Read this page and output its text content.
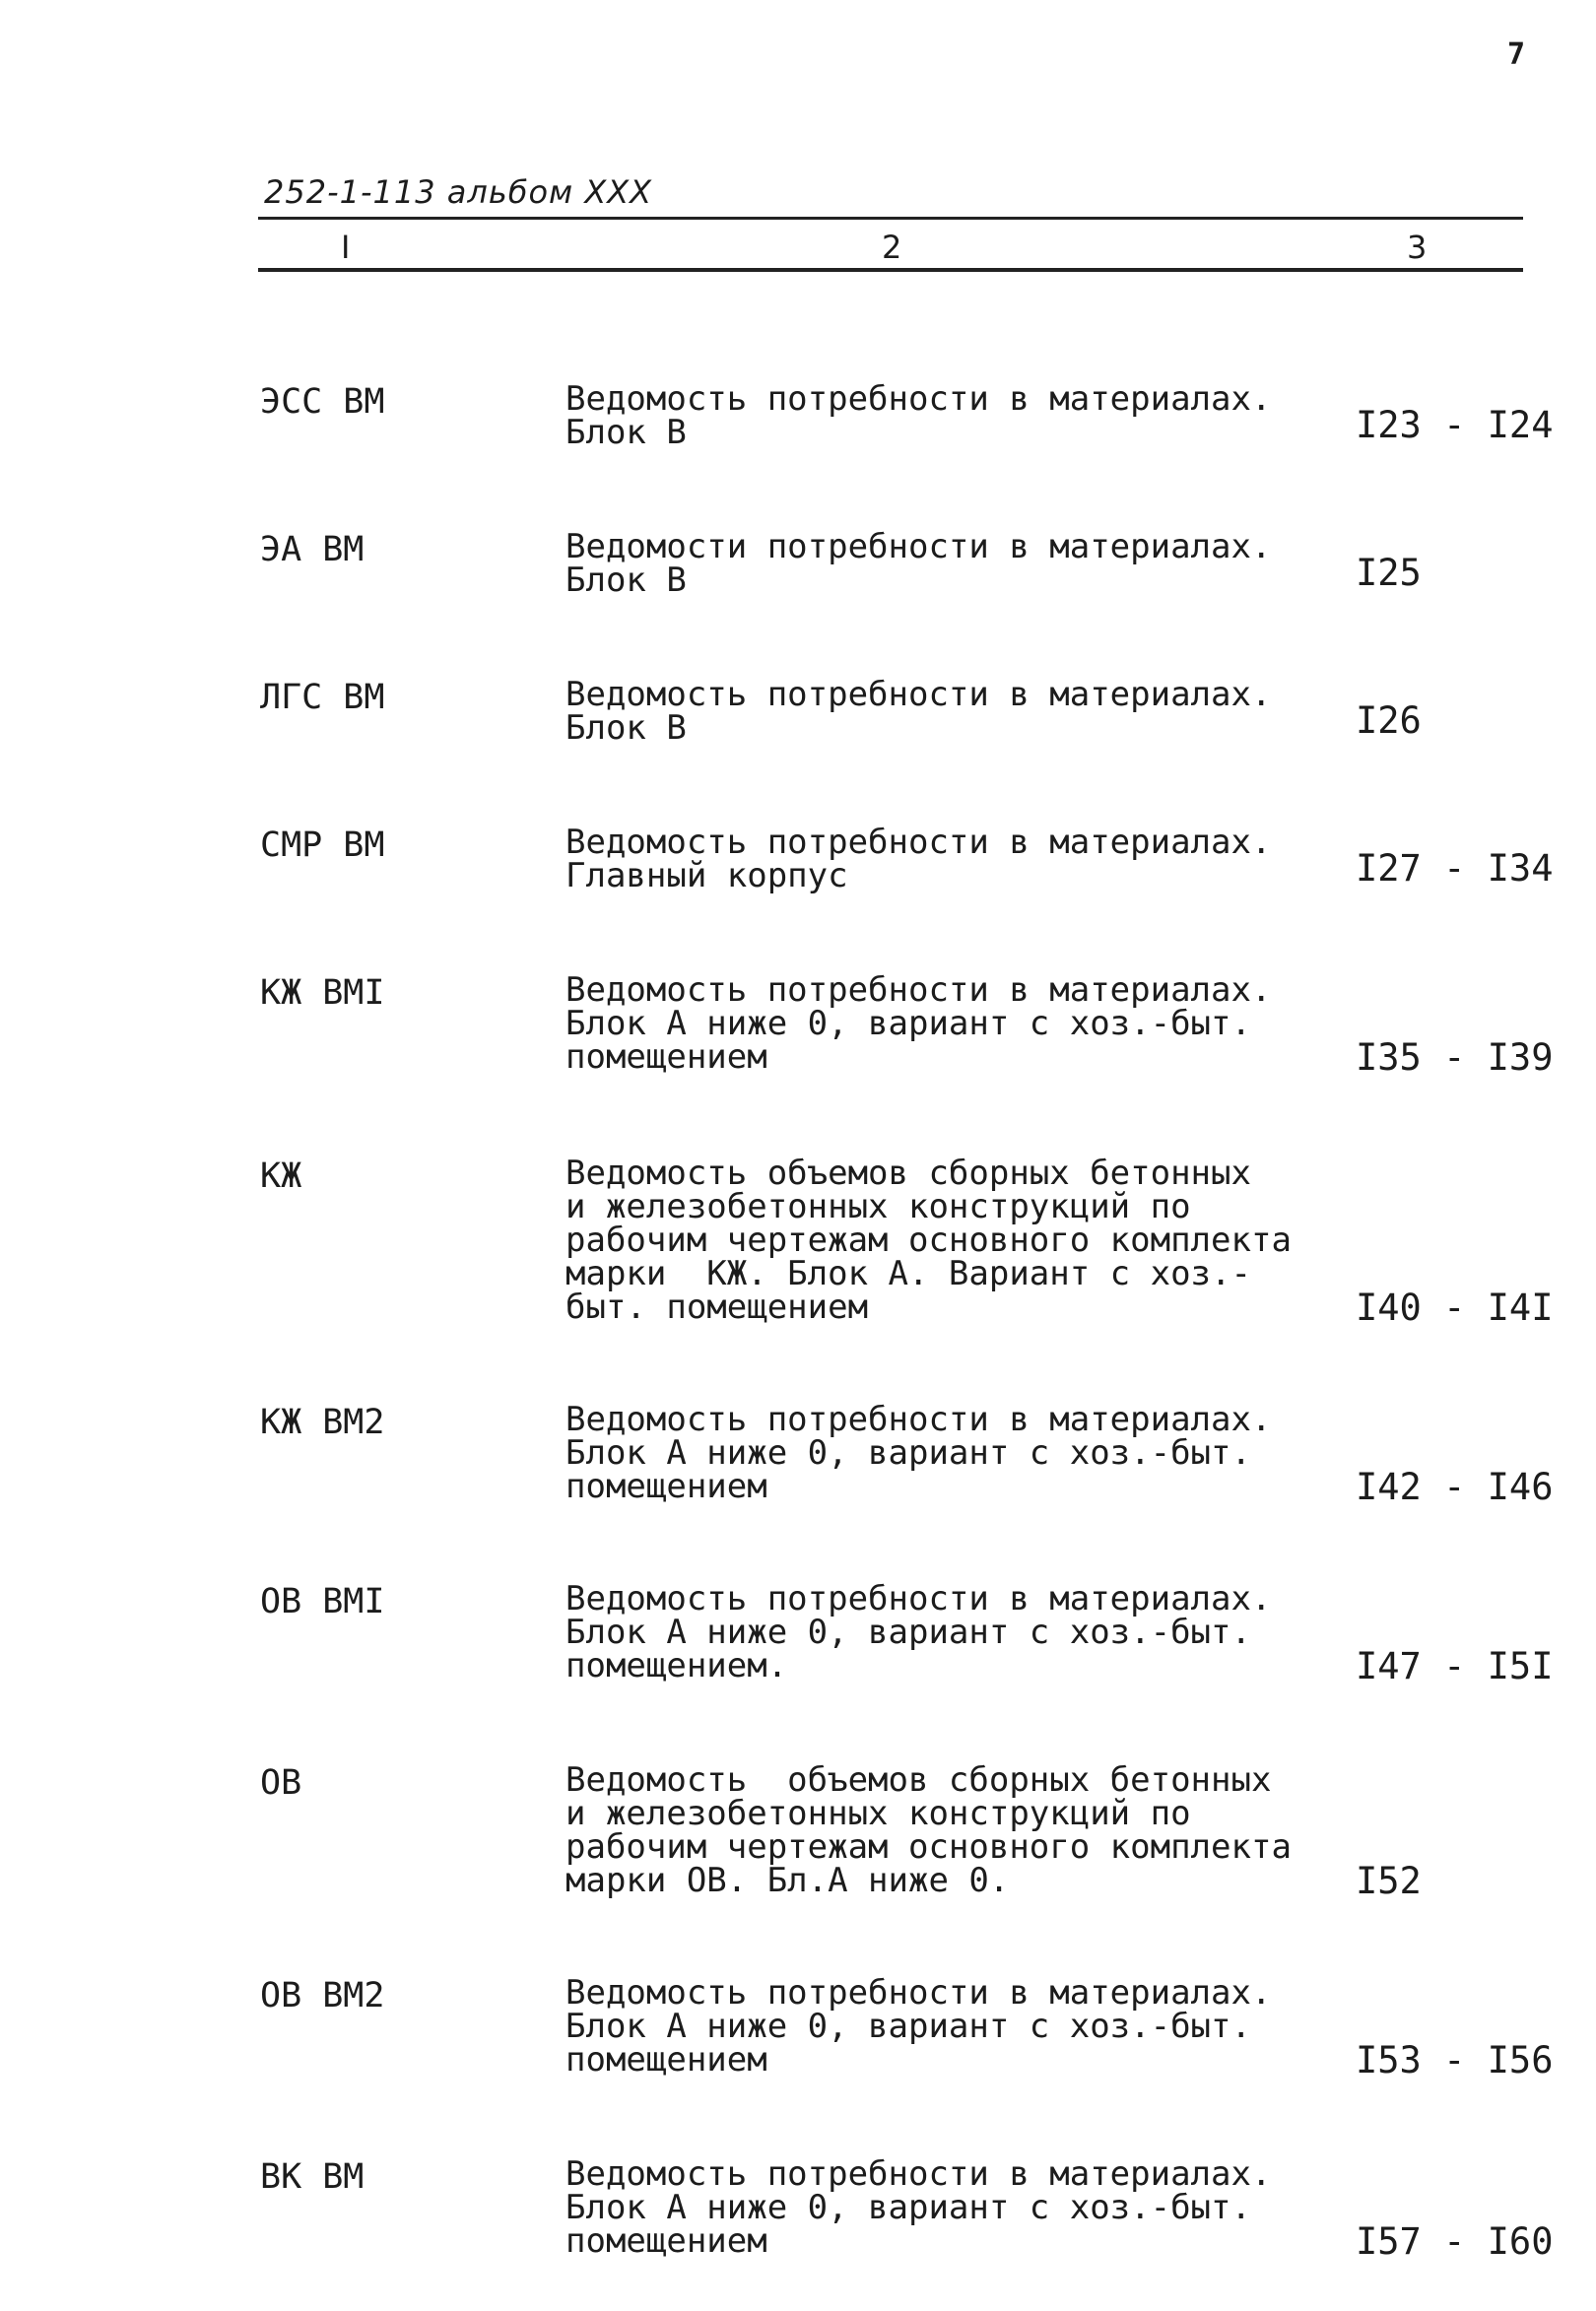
7
252-1-113 альбом XXX
I	2	3
ЭСС ВМ	Ведомость потребности в материалах.
Блок В	I23 - I24
ЭА ВМ	Ведомости потребности в материалах.
Блок В	I25
ЛГС ВМ	Ведомость потребности в материалах.
Блок В	I26
СМР ВМ	Ведомость потребности в материалах.
Главный корпус	I27 - I34
КЖ ВМI	Ведомость потребности в материалах.
Блок А ниже 0, вариант с хоз.-быт.
помещением	I35 - I39
КЖ	Ведомость объемов сборных бетонных
и железобетонных конструкций по
рабочим чертежам основного комплекта
марки  КЖ. Блок А. Вариант с хоз.-
быт. помещением	I40 - I4I
КЖ ВМ2	Ведомость потребности в материалах.
Блок А ниже 0, вариант с хоз.-быт.
помещением	I42 - I46
ОВ ВМI	Ведомость потребности в материалах.
Блок А ниже 0, вариант с хоз.-быт.
помещением.	I47 - I5I
ОВ	Ведомость  объемов сборных бетонных
и железобетонных конструкций по
рабочим чертежам основного комплекта
марки ОВ. Бл.А ниже 0.	I52
ОВ ВМ2	Ведомость потребности в материалах.
Блок А ниже 0, вариант с хоз.-быт.
помещением	I53 - I56
ВК ВМ	Ведомость потребности в материалах.
Блок А ниже 0, вариант с хоз.-быт.
помещением	I57 - I60
